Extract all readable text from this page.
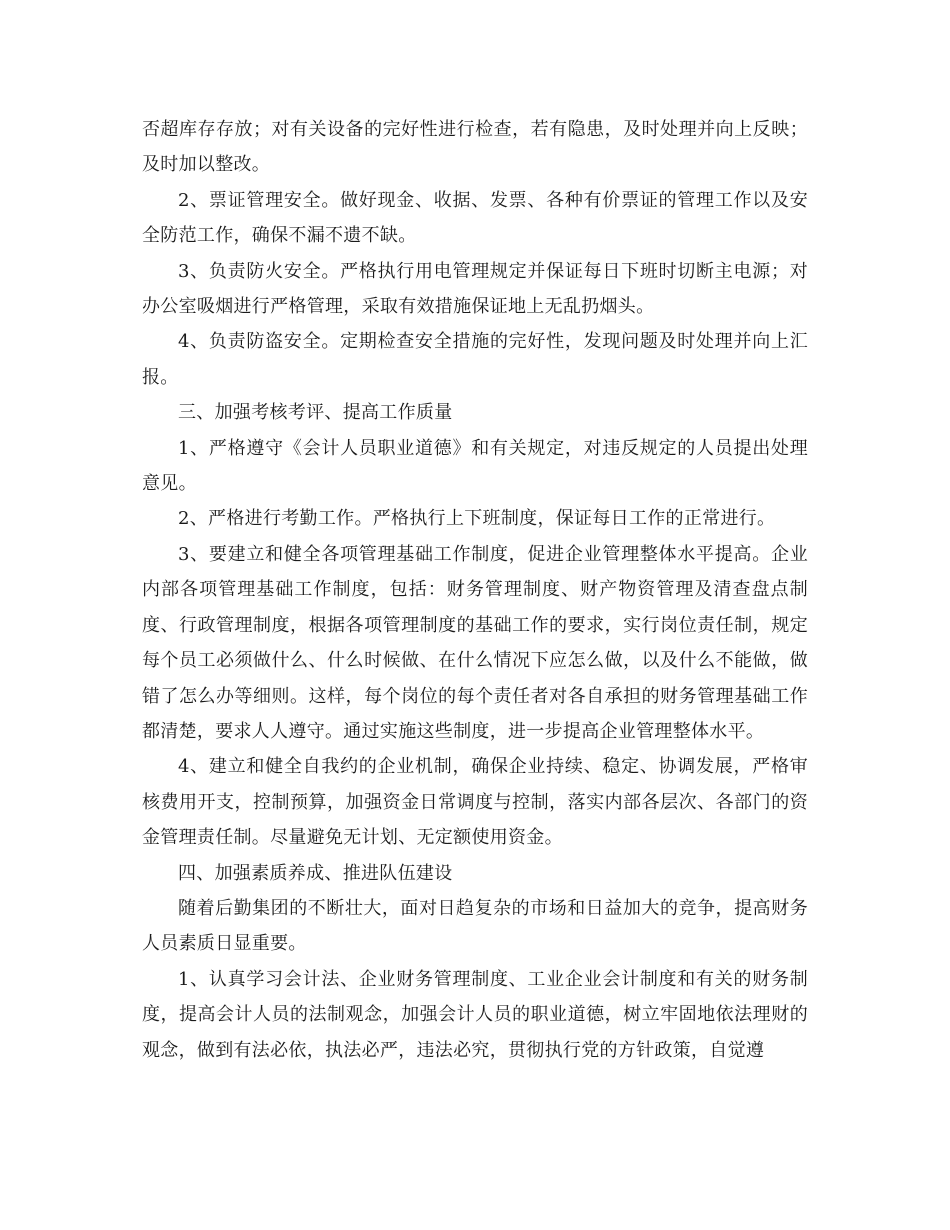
否超库存存放；对有关设备的完好性进行检查，若有隐患，及时处理并向上反映；及时加以整改。

2、票证管理安全。做好现金、收据、发票、各种有价票证的管理工作以及安全防范工作，确保不漏不遗不缺。

3、负责防火安全。严格执行用电管理规定并保证每日下班时切断主电源；对办公室吸烟进行严格管理，采取有效措施保证地上无乱扔烟头。

4、负责防盗安全。定期检查安全措施的完好性，发现问题及时处理并向上汇报。

三、加强考核考评、提高工作质量

1、严格遵守《会计人员职业道德》和有关规定，对违反规定的人员提出处理意见。

2、严格进行考勤工作。严格执行上下班制度，保证每日工作的正常进行。

3、要建立和健全各项管理基础工作制度，促进企业管理整体水平提高。企业内部各项管理基础工作制度，包括：财务管理制度、财产物资管理及清查盘点制度、行政管理制度，根据各项管理制度的基础工作的要求，实行岗位责任制，规定每个员工必须做什么、什么时候做、在什么情况下应怎么做，以及什么不能做，做错了怎么办等细则。这样，每个岗位的每个责任者对各自承担的财务管理基础工作都清楚，要求人人遵守。通过实施这些制度，进一步提高企业管理整体水平。

4、建立和健全自我约的企业机制，确保企业持续、稳定、协调发展，严格审核费用开支，控制预算，加强资金日常调度与控制，落实内部各层次、各部门的资金管理责任制。尽量避免无计划、无定额使用资金。

四、加强素质养成、推进队伍建设

随着后勤集团的不断壮大，面对日趋复杂的市场和日益加大的竞争，提高财务人员素质日显重要。

1、认真学习会计法、企业财务管理制度、工业企业会计制度和有关的财务制度，提高会计人员的法制观念，加强会计人员的职业道德，树立牢固地依法理财的观念，做到有法必依，执法必严，违法必究，贯彻执行党的方针政策，自觉遵
